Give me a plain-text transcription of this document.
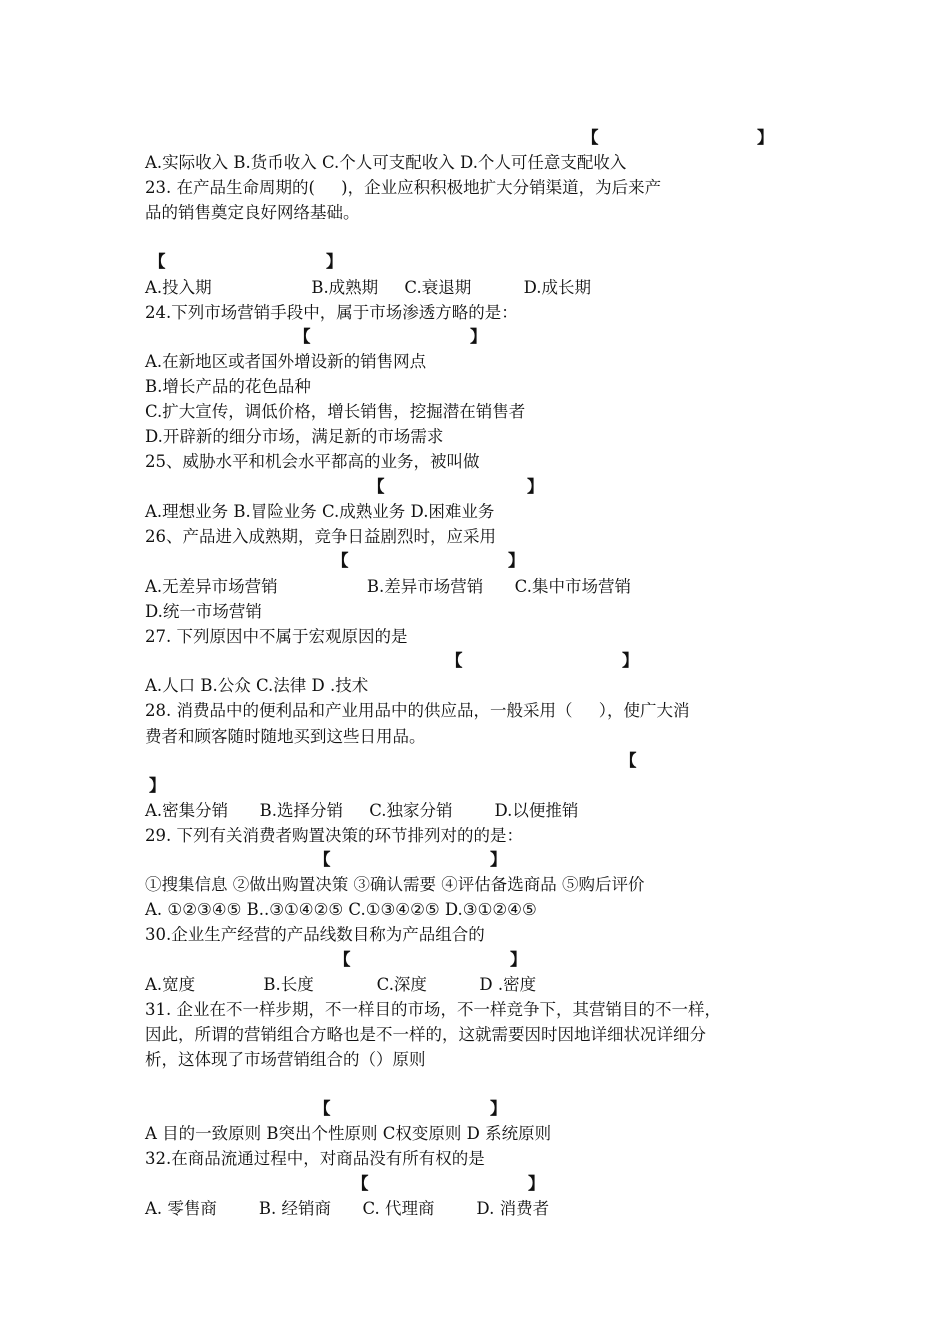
【	】
A.实际收入 B.货币收入 C.个人可支配收入 D.个人可任意支配收入
23. 在产品生命周期的(     )，企业应积积极地扩大分销渠道，为后来产
品的销售奠定良好网络基础。
【	】
A.投入期                   B.成熟期     C.衰退期          D.成长期
24.下列市场营销手段中，属于市场渗透方略的是：
【	】
A.在新地区或者国外增设新的销售网点
B.增长产品的花色品种
C.扩大宣传，调低价格，增长销售，挖掘潜在销售者
D.开辟新的细分市场，满足新的市场需求
25、威胁水平和机会水平都高的业务，被叫做
【	】
A.理想业务 B.冒险业务 C.成熟业务 D.困难业务
26、产品进入成熟期，竞争日益剧烈时，应采用
【	】
A.无差异市场营销                 B.差异市场营销      C.集中市场营销
D.统一市场营销
27. 下列原因中不属于宏观原因的是
【	】
A.人口 B.公众 C.法律 D .技术
28. 消费品中的便利品和产业用品中的供应品，一般采用（     ），使广大消
费者和顾客随时随地买到这些日用品。
【
】
A.密集分销      B.选择分销     C.独家分销        D.以便推销
29. 下列有关消费者购置决策的环节排列对的的是：
【	】
①搜集信息 ②做出购置决策 ③确认需要 ④评估备选商品 ⑤购后评价
A. ①②③④⑤ B..③①④②⑤ C.①③④②⑤ D.③①②④⑤
30.企业生产经营的产品线数目称为产品组合的
【	】
A.宽度             B.长度            C.深度          D .密度
31. 企业在不一样步期，不一样目的市场，不一样竞争下，其营销目的不一样，
因此，所谓的营销组合方略也是不一样的，这就需要因时因地详细状况详细分
析，这体现了市场营销组合的（）原则
【	】
A 目的一致原则 B突出个性原则 C权变原则 D 系统原则
32.在商品流通过程中，对商品没有所有权的是
【	】
A. 零售商        B. 经销商      C. 代理商        D. 消费者
